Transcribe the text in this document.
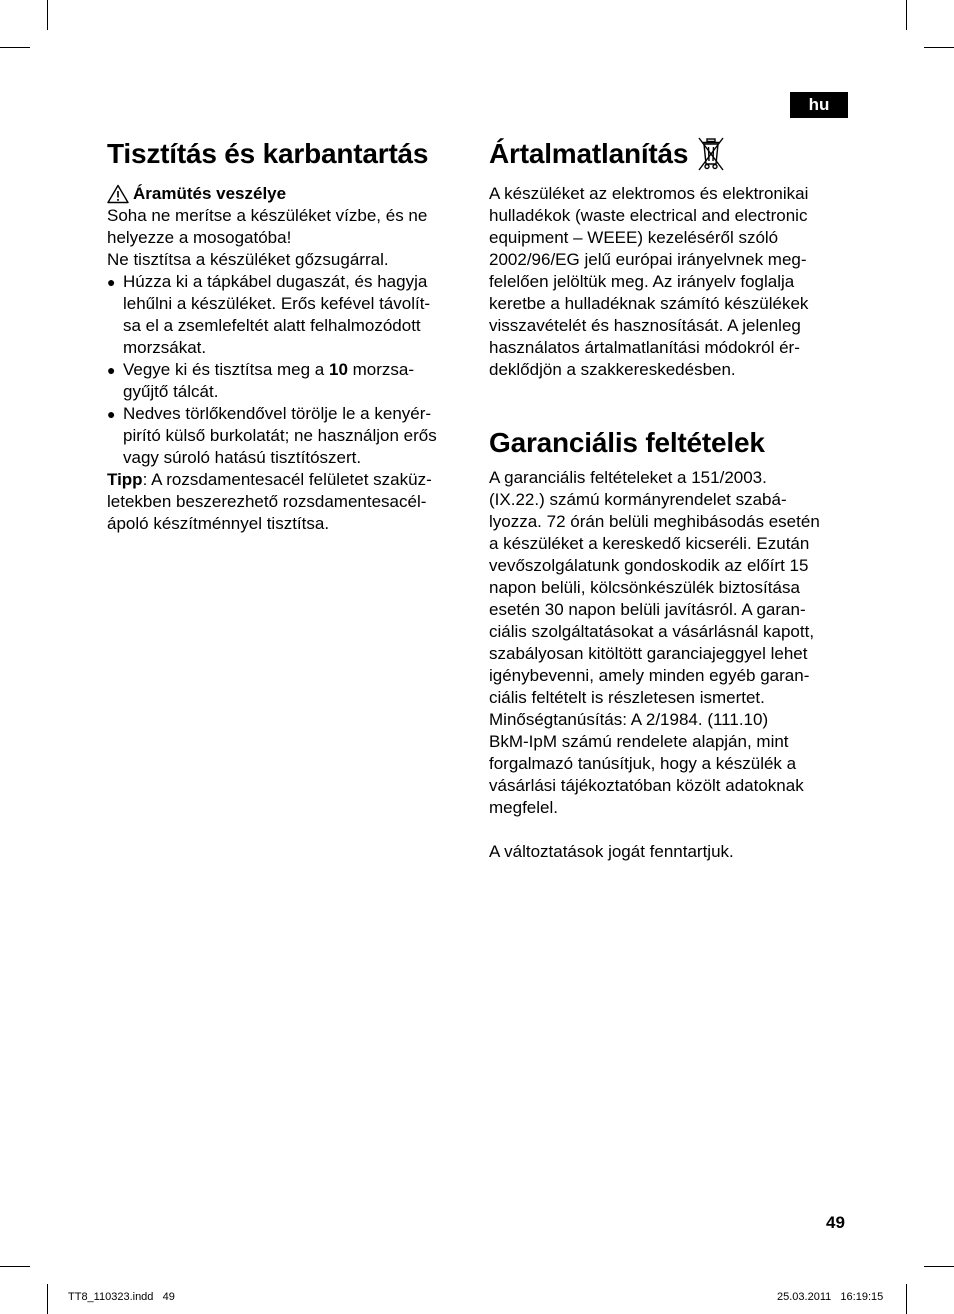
hu
Tisztítás és karbantartás
Áramütés veszélye

Soha ne merítse a készüléket vízbe, és ne
helyezze a mosogatóba!
Ne tisztítsa a készüléket gőzsugárral.

● Húzza ki a tápkábel dugaszát, és hagyja
lehűlni a készüléket. Erős kefével távolít-
sa el a zsemlefeltét alatt felhalmozódott
morzsákat.
● Vegye ki és tisztítsa meg a 10 morzsa-
gyűjtő tálcát.
● Nedves törlőkendővel törölje le a kenyér-
pirító külső burkolatát; ne használjon erős
vagy súroló hatású tisztítószert.

Tipp: A rozsdamentesacél felületet szaküz-
letekben beszerezhető rozsdamentesacél-
ápoló készítménnyel tisztítsa.

Ártalmatlanítás

A készüléket az elektromos és elektronikai
hulladékok (waste electrical and electronic
equipment – WEEE) kezeléséről szóló
2002/96/EG jelű európai irányelvnek meg-
felelően jelöltük meg. Az irányelv foglalja
keretbe a hulladéknak számító készülékek
visszavételét és hasznosítását. A jelenleg
használatos ártalmatlanítási módokról ér-
deklődjön a szakkereskedésben.

Garanciális feltételek

A garanciális feltételeket a 151/2003.
(IX.22.) számú kormányrendelet szabá-
lyozza. 72 órán belüli meghibásodás esetén
a készüléket a kereskedő kicseréli. Ezután
vevőszolgálatunk gondoskodik az előírt 15
napon belüli, kölcsönkészülék biztosítása
esetén 30 napon belüli javításról. A garan-
ciális szolgáltatásokat a vásárlásnál kapott,
szabályosan kitöltött garanciajeggyel lehet
igénybevenni, amely minden egyéb garan-
ciális feltételt is részletesen ismertet.
Minőségtanúsítás: A 2/1984. (111.10)
BkM-IpM számú rendelete alapján, mint
forgalmazó tanúsítjuk, hogy a készülék a
vásárlási tájékoztatóban közölt adatoknak
megfelel.

A változtatások jogát fenntartjuk.

49
TT8_110323.indd 49	25.03.2011 16:19:15
